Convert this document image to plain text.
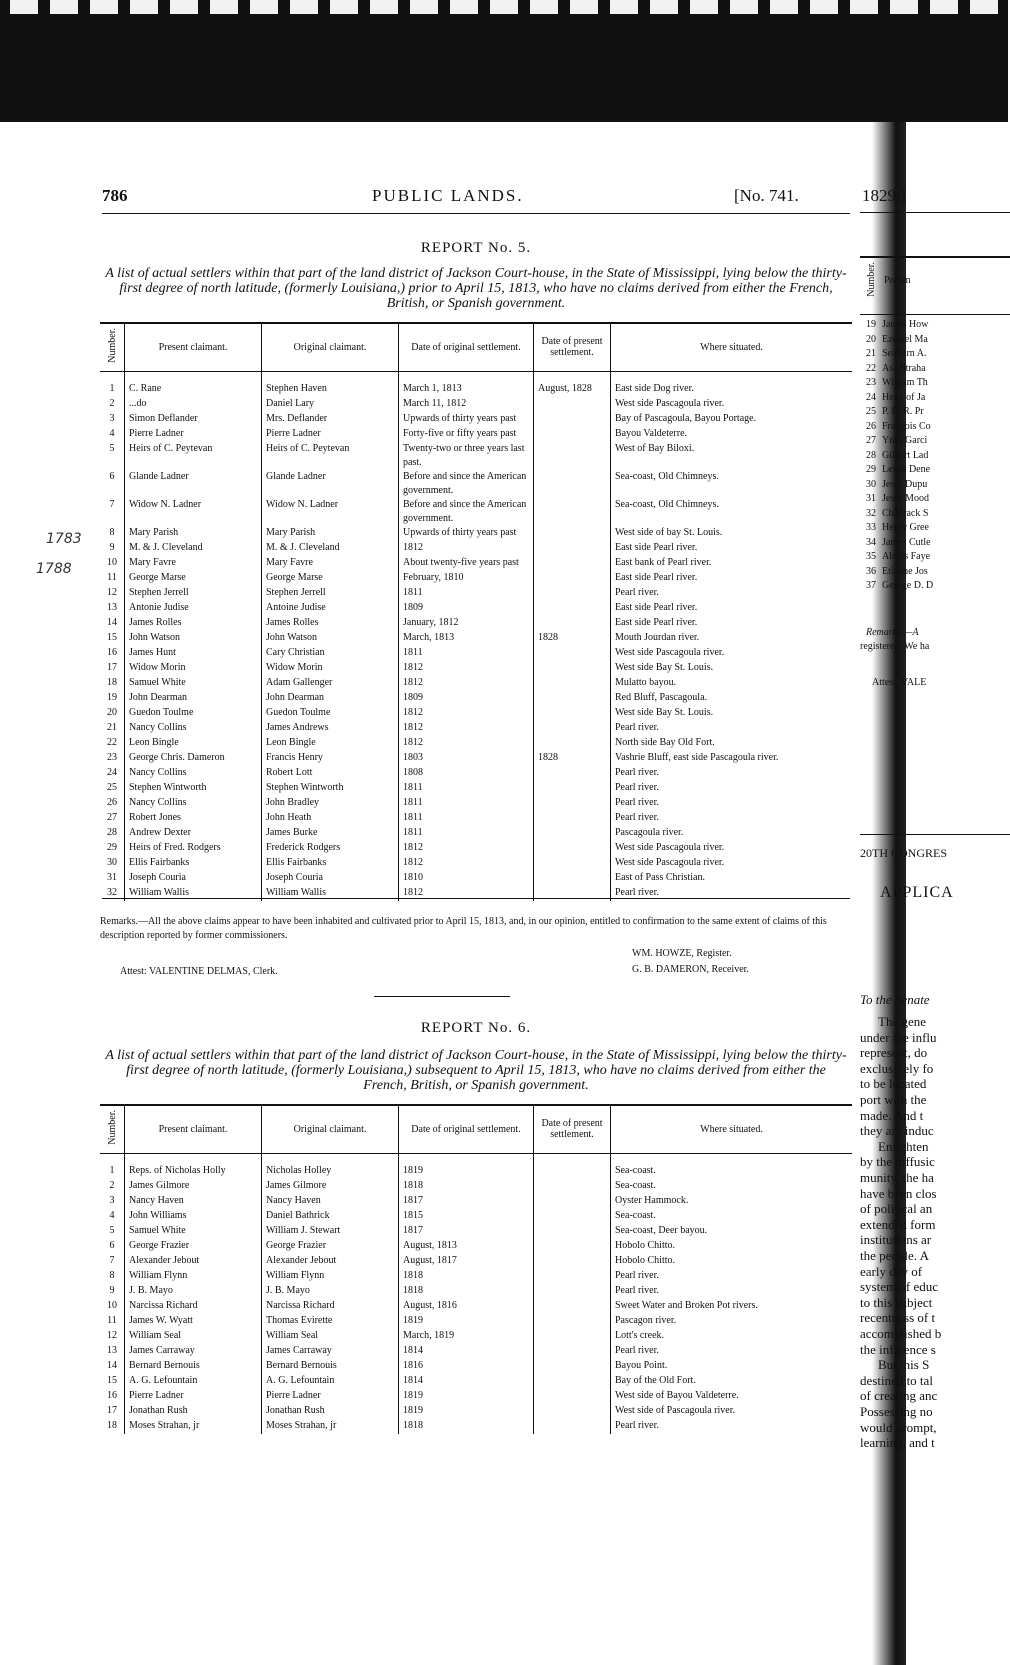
786	PUBLIC LANDS.	[No. 741.
REPORT No. 5.
A list of actual settlers within that part of the land district of Jackson Court-house, in the State of Mississippi, lying below the thirty-first degree of north latitude, (formerly Louisiana,) prior to April 15, 1813, who have no claims derived from either the French, British, or Spanish government.
Number.	Present claimant.	Original claimant.	Date of original settlement.	Date of present settlement.	Where situated.
1	C. Rane	Stephen Haven	March 1, 1813	August, 1828	East side Dog river.
2	...do	Daniel Lary	March 11, 1812		West side Pascagoula river.
3	Simon Deflander	Mrs. Deflander	Upwards of thirty years past		Bay of Pascagoula, Bayou Portage.
4	Pierre Ladner	Pierre Ladner	Forty-five or fifty years past		Bayou Valdeterre.
5	Heirs of C. Peytevan	Heirs of C. Peytevan	Twenty-two or three years last past.		West of Bay Biloxi.
6	Glande Ladner	Glande Ladner	Before and since the American government.		Sea-coast, Old Chimneys.
7	Widow N. Ladner	Widow N. Ladner	Before and since the American government.		Sea-coast, Old Chimneys.
8	Mary Parish	Mary Parish	Upwards of thirty years past		West side of bay St. Louis.
9	M. & J. Cleveland	M. & J. Cleveland	1812		East side Pearl river.
10	Mary Favre	Mary Favre	About twenty-five years past		East bank of Pearl river.
11	George Marse	George Marse	February, 1810		East side Pearl river.
12	Stephen Jerrell	Stephen Jerrell	1811		Pearl river.
13	Antonie Judise	Antoine Judise	1809		East side Pearl river.
14	James Rolles	James Rolles	January, 1812		East side Pearl river.
15	John Watson	John Watson	March, 1813	1828	Mouth Jourdan river.
16	James Hunt	Cary Christian	1811		West side Pascagoula river.
17	Widow Morin	Widow Morin	1812		West side Bay St. Louis.
18	Samuel White	Adam Gallenger	1812		Mulatto bayou.
19	John Dearman	John Dearman	1809		Red Bluff, Pascagoula.
20	Guedon Toulme	Guedon Toulme	1812		West side Bay St. Louis.
21	Nancy Collins	James Andrews	1812		Pearl river.
22	Leon Bingle	Leon Bingle	1812		North side Bay Old Fort.
23	George Chris. Dameron	Francis Henry	1803	1828	Vashrie Bluff, east side Pascagoula river.
24	Nancy Collins	Robert Lott	1808		Pearl river.
25	Stephen Wintworth	Stephen Wintworth	1811		Pearl river.
26	Nancy Collins	John Bradley	1811		Pearl river.
27	Robert Jones	John Heath	1811		Pearl river.
28	Andrew Dexter	James Burke	1811		Pascagoula river.
29	Heirs of Fred. Rodgers	Frederick Rodgers	1812		West side Pascagoula river.
30	Ellis Fairbanks	Ellis Fairbanks	1812		West side Pascagoula river.
31	Joseph Couria	Joseph Couria	1810		East of Pass Christian.
32	William Wallis	William Wallis	1812		Pearl river.
1783
1788
Remarks.—All the above claims appear to have been inhabited and cultivated prior to April 15, 1813, and, in our opinion, entitled to confirmation to the same extent of claims of this description reported by former commissioners.
WM. HOWZE, Register.
G. B. DAMERON, Receiver.
Attest: VALENTINE DELMAS, Clerk.
REPORT No. 6.
A list of actual settlers within that part of the land district of Jackson Court-house, in the State of Mississippi, lying below the thirty-first degree of north latitude, (formerly Louisiana,) subsequent to April 15, 1813, who have no claims derived from either the French, British, or Spanish government.
Number.	Present claimant.	Original claimant.	Date of original settlement.	Date of present settlement.	Where situated.
1	Reps. of Nicholas Holly	Nicholas Holley	1819		Sea-coast.
2	James Gilmore	James Gilmore	1818		Sea-coast.
3	Nancy Haven	Nancy Haven	1817		Oyster Hammock.
4	John Williams	Daniel Bathrick	1815		Sea-coast.
5	Samuel White	William J. Stewart	1817		Sea-coast, Deer bayou.
6	George Frazier	George Frazier	August, 1813		Hobolo Chitto.
7	Alexander Jebout	Alexander Jebout	August, 1817		Hobolo Chitto.
8	William Flynn	William Flynn	1818		Pearl river.
9	J. B. Mayo	J. B. Mayo	1818		Pearl river.
10	Narcissa Richard	Narcissa Richard	August, 1816		Sweet Water and Broken Pot rivers.
11	James W. Wyatt	Thomas Evirette	1819		Pascagon river.
12	William Seal	William Seal	March, 1819		Lott's creek.
13	James Carraway	James Carraway	1814		Pearl river.
14	Bernard Bernouis	Bernard Bernouis	1816		Bayou Point.
15	A. G. Lefountain	A. G. Lefountain	1814		Bay of the Old Fort.
16	Pierre Ladner	Pierre Ladner	1819		West side of Bayou Valdeterre.
17	Jonathan Rush	Jonathan Rush	1819		West side of Pascagoula river.
18	Moses Strahan, jr	Moses Strahan, jr	1818		Pearl river.
1829.]
Number. Presen
19 James How
20 Ezekiel Ma
21 Seaburn A.
22 Asa Straha
23 William Th
24 Heirs of Ja
25 P. R. R. Pr
26 François Co
27 Ynes Garci
28 Gilbert Lad
29 Lewis Dene
30 Jesse Dupu
31 Jesse Mood
32 Chadrack S
33 Henry Gree
34 James Cutle
35 Alexis Faye
36 Etienne Jos
37 George D. D
Remarks.—A
registered. We ha
Attest: VALE
20TH CONGRES
APPLICA
To the Senate
The gene
under the influ
represent, do
exclusively fo
to be located
port with the
made. And t
they are induc
Enlighten
by the diffusic
munity, the ha
have been clos
of political an
extended form
institutions ar
the people. A
early day of
system of educ
to this subject
recentness of t
accomplished b
the influence s
But this S
destined to tal
of creating anc
Possessing no
would prompt,
learning, and t
